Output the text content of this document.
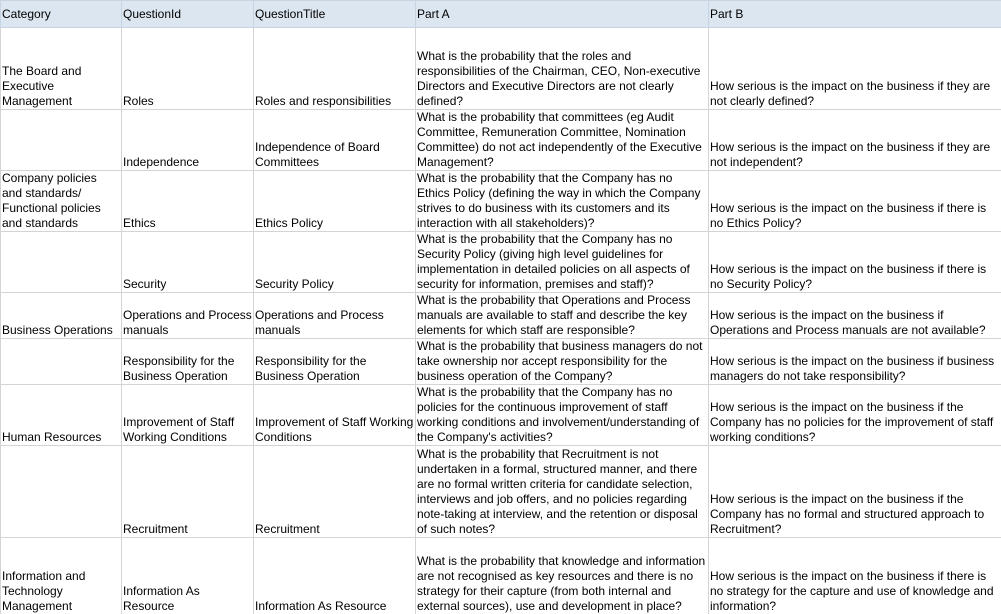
Category	QuestionId	QuestionTitle	Part A	Part B
The Board and Executive Management	Roles	Roles and responsibilities	What is the probability that the roles and responsibilities of the Chairman, CEO, Non-executive Directors and Executive Directors are not clearly defined?	How serious is the impact on the business if they are not clearly defined?
	Independence	Independence of Board Committees	What is the probability that committees (eg Audit Committee, Remuneration Committee, Nomination Committee) do not act independently of the Executive Management?	How serious is the impact on the business if they are not independent?
Company policies and standards/ Functional policies and standards	Ethics	Ethics Policy	What is the probability that the Company has no Ethics Policy (defining the way in which the Company strives to do business with its customers and its interaction with all stakeholders)?	How serious is the impact on the business if there is no Ethics Policy?
	Security	Security Policy	What is the probability that the Company has no Security Policy (giving high level guidelines for implementation in detailed policies on all aspects of security for information, premises and staff)?	How serious is the impact on the business if there is no Security Policy?
Business Operations	Operations and Process manuals	Operations and Process manuals	What is the probability that Operations and Process manuals are available to staff and describe the key elements for which staff are responsible?	How serious is the impact on the business if Operations and Process manuals are not available?
	Responsibility for the Business Operation	Responsibility for the Business Operation	What is the probability that business managers do not take ownership nor accept responsibility for the business operation of the Company?	How serious is the impact on the business if business managers do not take responsibility?
Human Resources	Improvement of Staff Working Conditions	Improvement of Staff Working Conditions	What is the probability that the Company has no policies for the continuous improvement of staff working conditions and involvement/understanding of the Company's activities?	How serious is the impact on the business if the Company has no policies for the improvement of staff working conditions?
	Recruitment	Recruitment	What is the probability that Recruitment is not undertaken in a formal, structured manner, and there are no formal written criteria for candidate selection, interviews and job offers, and no policies regarding note-taking at interview, and the retention or disposal of such notes?	How serious is the impact on the business if the Company has no formal and structured approach to Recruitment?
Information and Technology Management	Information As Resource	Information As Resource	What is the probability that knowledge and information are not recognised as key resources and there is no strategy for their capture (from both internal and external sources), use and development in place?	How serious is the impact on the business if there is no strategy for the capture and use of knowledge and information?
